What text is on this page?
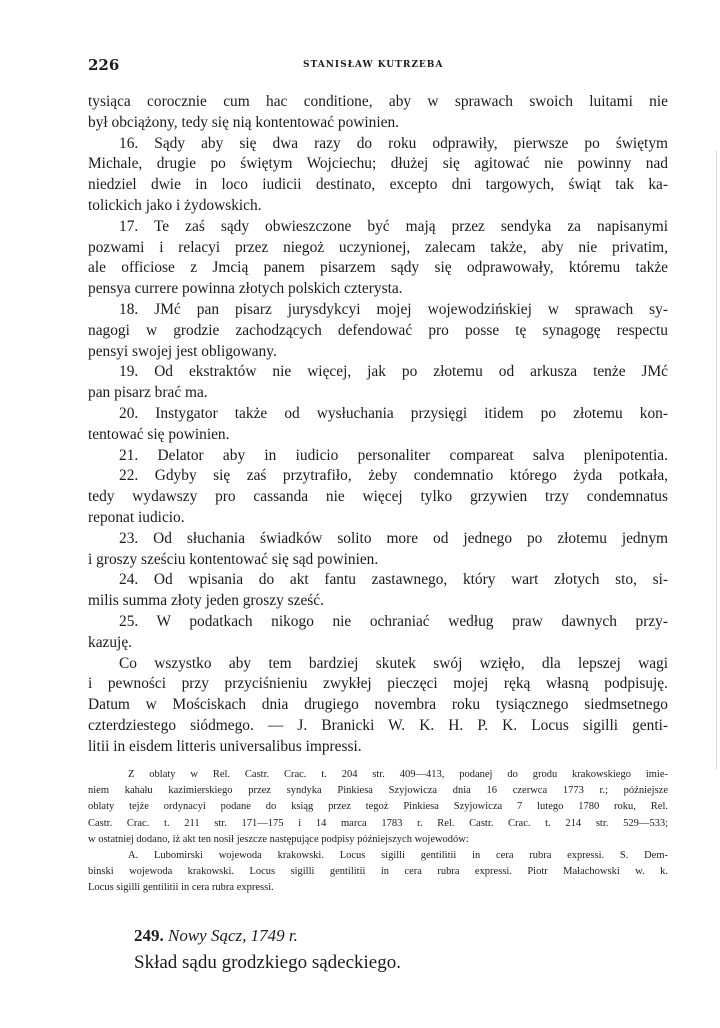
226	STANISŁAW KUTRZEBA
tysiąca corocznie cum hac conditione, aby w sprawach swoich luitami nie
był obciążony, tedy się nią kontentować powinien.
16. Sądy aby się dwa razy do roku odprawiły, pierwsze po świętym
Michale, drugie po świętym Wojciechu; dłużej się agitować nie powinny nad
niedziel dwie in loco iudicii destinato, excepto dni targowych, świąt tak ka-
tolickich jako i żydowskich.
17. Te zaś sądy obwieszczone być mają przez sendyka za napisanymi
pozwami i relacyi przez niegoż uczynionej, zalecam także, aby nie privatim,
ale officiose z Jmcią panem pisarzem sądy się odprawowały, któremu także
pensya currere powinna złotych polskich czterysta.
18. JMć pan pisarz jurysdykcyi mojej wojewodzińskiej w sprawach sy-
nagogi w grodzie zachodzących defendować pro posse tę synagogę respectu
pensyi swojej jest obligowany.
19. Od ekstraktów nie więcej, jak po złotemu od arkusza tenże JMć
pan pisarz brać ma.
20. Instygator także od wysłuchania przysięgi itidem po złotemu kon-
tentować się powinien.
21. Delator aby in iudicio personaliter compareat salva plenipotentia.
22. Gdyby się zaś przytrafiło, żeby condemnatio którego żyda potkała,
tedy wydawszy pro cassanda nie więcej tylko grzywien trzy condemnatus
reponat iudicio.
23. Od słuchania świadków solito more od jednego po złotemu jednym
i groszy sześciu kontentować się sąd powinien.
24. Od wpisania do akt fantu zastawnego, który wart złotych sto, si-
milis summa złoty jeden groszy sześć.
25. W podatkach nikogo nie ochraniać według praw dawnych przy-
kazuję.
Co wszystko aby tem bardziej skutek swój wzięło, dla lepszej wagi
i pewności przy przyciśnieniu zwykłej pieczęci mojej ręką własną podpisuję.
Datum w Mościskach dnia drugiego novembra roku tysiącznego siedmsetnego
czterdziestego siódmego. — J. Branicki W. K. H. P. K. Locus sigilli genti-
litii in eisdem litteris universalibus impressi.
Z oblaty w Rel. Castr. Crac. t. 204 str. 409—413, podanej do grodu krakowskiego imie-
niem kahału kazimierskiego przez syndyka Pinkiesa Szyjowicza dnia 16 czerwca 1773 r.; późniejsze
oblaty tejże ordynacyi podane do ksiąg przez tegoż Pinkiesa Szyjowicza 7 lutego 1780 roku, Rel.
Castr. Crac. t. 211 str. 171—175 i 14 marca 1783 r. Rel. Castr. Crac. t. 214 str. 529—533;
w ostatniej dodano, iż akt ten nosił jeszcze następujące podpisy późniejszych wojewodów:
A. Lubomirski wojewoda krakowski. Locus sigilli gentilitii in cera rubra expressi. S. Dem-
binski wojewoda krakowski. Locus sigilli gentilitii in cera rubra expressi. Piotr Małachowski w. k.
Locus sigilli gentilitii in cera rubra expressi.
249. Nowy Sącz, 1749 r.
Skład sądu grodzkiego sądeckiego.
